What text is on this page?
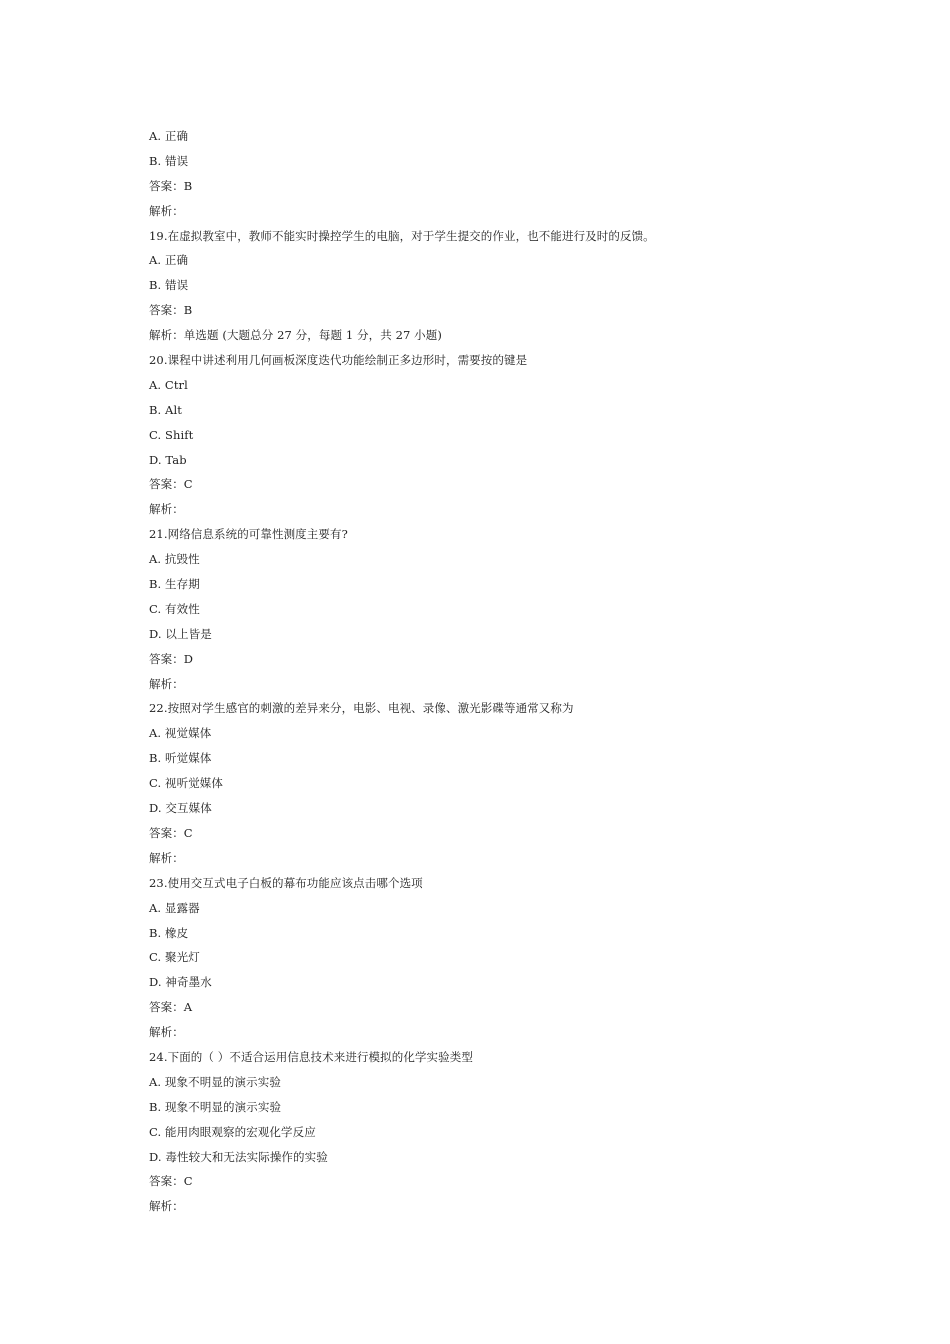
A. 正确
B. 错误
答案：B
解析：
19.在虚拟教室中，教师不能实时操控学生的电脑，对于学生提交的作业，也不能进行及时的反馈。
A. 正确
B. 错误
答案：B
解析：单选题 (大题总分 27 分，每题 1 分，共 27 小题)
20.课程中讲述利用几何画板深度迭代功能绘制正多边形时，需要按的键是
A. Ctrl
B. Alt
C. Shift
D. Tab
答案：C
解析：
21.网络信息系统的可靠性测度主要有?
A. 抗毁性
B. 生存期
C. 有效性
D. 以上皆是
答案：D
解析：
22.按照对学生感官的刺激的差异来分，电影、电视、录像、激光影碟等通常又称为
A. 视觉媒体
B. 听觉媒体
C. 视听觉媒体
D. 交互媒体
答案：C
解析：
23.使用交互式电子白板的幕布功能应该点击哪个选项
A. 显露器
B. 橡皮
C. 聚光灯
D. 神奇墨水
答案：A
解析：
24.下面的（ ）不适合运用信息技术来进行模拟的化学实验类型
A. 现象不明显的演示实验
B. 现象不明显的演示实验
C. 能用肉眼观察的宏观化学反应
D. 毒性较大和无法实际操作的实验
答案：C
解析：
